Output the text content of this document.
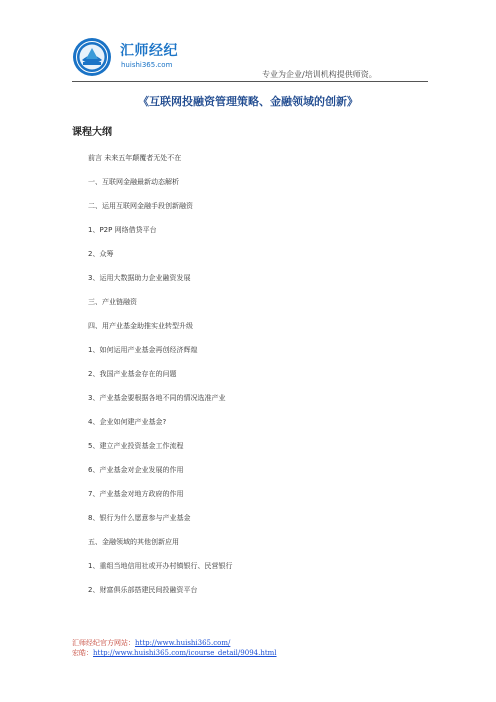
汇师经纪
huishi365.com
专业为企业/培训机构提供师资。
《互联网投融资管理策略、金融领域的创新》
课程大纲
前言 未来五年颠覆者无处不在
一、互联网金融最新动态解析
二、运用互联网金融手段创新融资
1、P2P 网络借贷平台
2、众筹
3、运用大数据助力企业融资发展
三、产业链融资
四、用产业基金助推实业转型升级
1、如何运用产业基金再创经济辉煌
2、我国产业基金存在的问题
3、产业基金要根据各地不同的情况选准产业
4、企业如何建产业基金?
5、建立产业投资基金工作流程
6、产业基金对企业发展的作用
7、产业基金对地方政府的作用
8、银行为什么愿意参与产业基金
五、金融领域的其他创新应用
1、重组当地信用社或开办村镇银行、民营银行
2、财富俱乐部搭建民间投融资平台
汇师经纪官方网站：http://www.huishi365.com/
宏皓：http://www.huishi365.com/icourse_detail/9094.html
